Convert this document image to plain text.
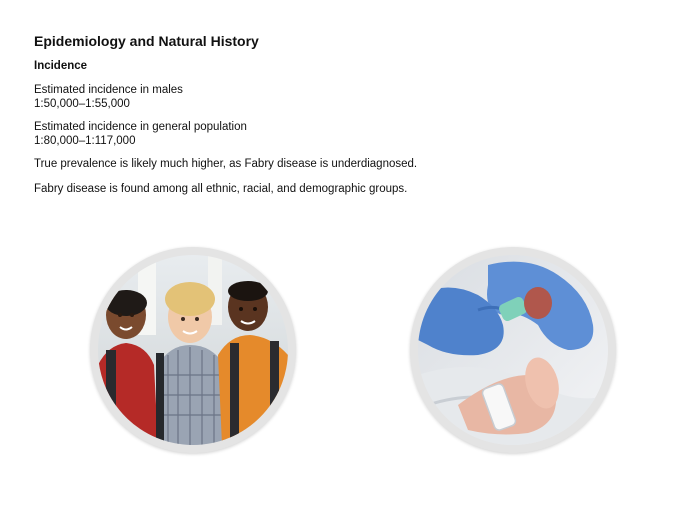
Epidemiology and Natural History
Incidence
Estimated incidence in males
1:50,000–1:55,000
Estimated incidence in general population
1:80,000–1:117,000

True prevalence is likely much higher, as Fabry disease is underdiagnosed.

Fabry disease is found among all ethnic, racial, and demographic groups.
